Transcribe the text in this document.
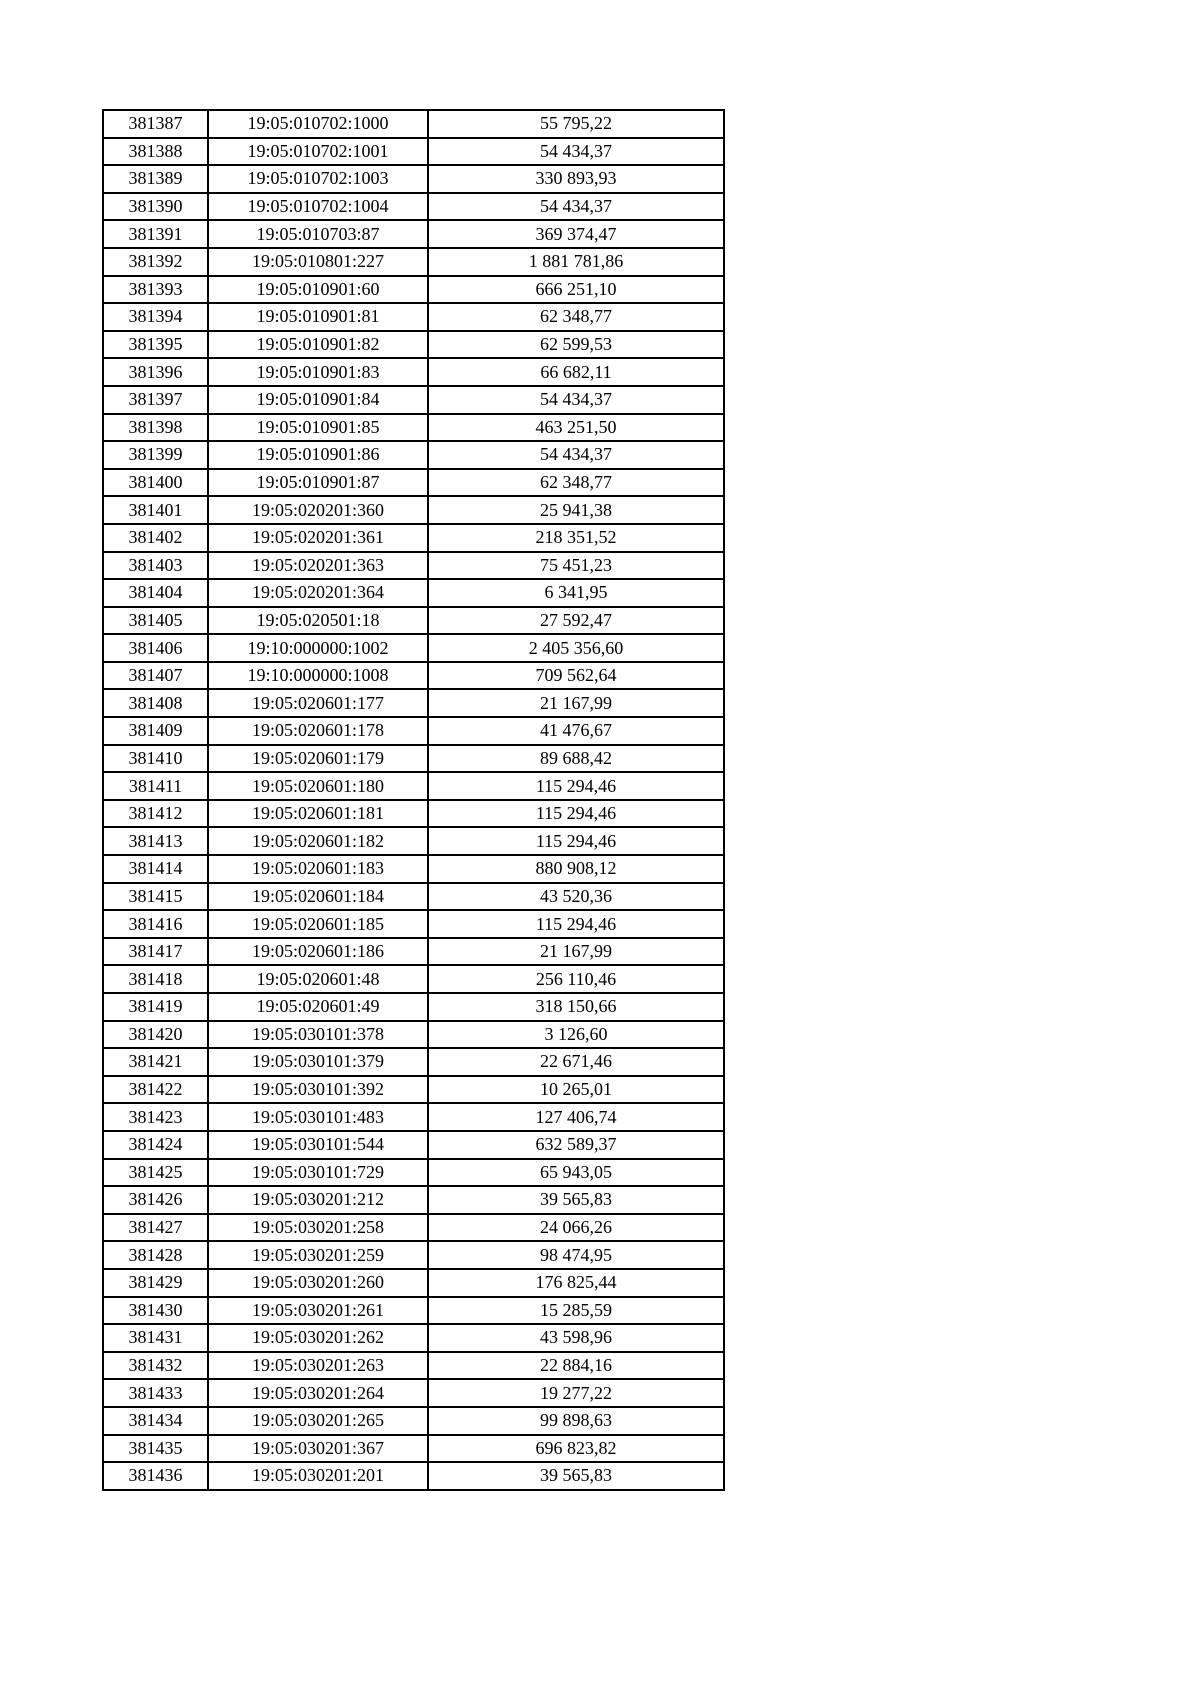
381387	19:05:010702:1000	55 795,22
381388	19:05:010702:1001	54 434,37
381389	19:05:010702:1003	330 893,93
381390	19:05:010702:1004	54 434,37
381391	19:05:010703:87	369 374,47
381392	19:05:010801:227	1 881 781,86
381393	19:05:010901:60	666 251,10
381394	19:05:010901:81	62 348,77
381395	19:05:010901:82	62 599,53
381396	19:05:010901:83	66 682,11
381397	19:05:010901:84	54 434,37
381398	19:05:010901:85	463 251,50
381399	19:05:010901:86	54 434,37
381400	19:05:010901:87	62 348,77
381401	19:05:020201:360	25 941,38
381402	19:05:020201:361	218 351,52
381403	19:05:020201:363	75 451,23
381404	19:05:020201:364	6 341,95
381405	19:05:020501:18	27 592,47
381406	19:10:000000:1002	2 405 356,60
381407	19:10:000000:1008	709 562,64
381408	19:05:020601:177	21 167,99
381409	19:05:020601:178	41 476,67
381410	19:05:020601:179	89 688,42
381411	19:05:020601:180	115 294,46
381412	19:05:020601:181	115 294,46
381413	19:05:020601:182	115 294,46
381414	19:05:020601:183	880 908,12
381415	19:05:020601:184	43 520,36
381416	19:05:020601:185	115 294,46
381417	19:05:020601:186	21 167,99
381418	19:05:020601:48	256 110,46
381419	19:05:020601:49	318 150,66
381420	19:05:030101:378	3 126,60
381421	19:05:030101:379	22 671,46
381422	19:05:030101:392	10 265,01
381423	19:05:030101:483	127 406,74
381424	19:05:030101:544	632 589,37
381425	19:05:030101:729	65 943,05
381426	19:05:030201:212	39 565,83
381427	19:05:030201:258	24 066,26
381428	19:05:030201:259	98 474,95
381429	19:05:030201:260	176 825,44
381430	19:05:030201:261	15 285,59
381431	19:05:030201:262	43 598,96
381432	19:05:030201:263	22 884,16
381433	19:05:030201:264	19 277,22
381434	19:05:030201:265	99 898,63
381435	19:05:030201:367	696 823,82
381436	19:05:030201:201	39 565,83
